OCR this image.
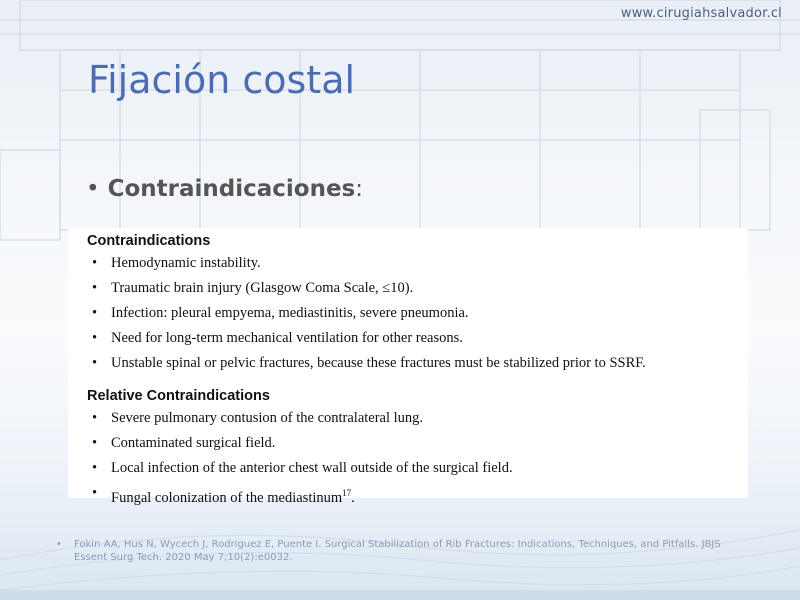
www.cirugiahsalvador.cl
Fijación costal
• Contraindicaciones:
Contraindications
• Hemodynamic instability.
• Traumatic brain injury (Glasgow Coma Scale, ≤10).
• Infection: pleural empyema, mediastinitis, severe pneumonia.
• Need for long-term mechanical ventilation for other reasons.
• Unstable spinal or pelvic fractures, because these fractures must be stabilized prior to SSRF.
Relative Contraindications
• Severe pulmonary contusion of the contralateral lung.
• Contaminated surgical field.
• Local infection of the anterior chest wall outside of the surgical field.
• Fungal colonization of the mediastinum$^{17}$.
•	Fokin AA, Hus N, Wycech J, Rodriguez E, Puente I. Surgical Stabilization of Rib Fractures: Indications, Techniques, and Pitfalls. JBJS Essent Surg Tech. 2020 May 7;10(2):e0032.
